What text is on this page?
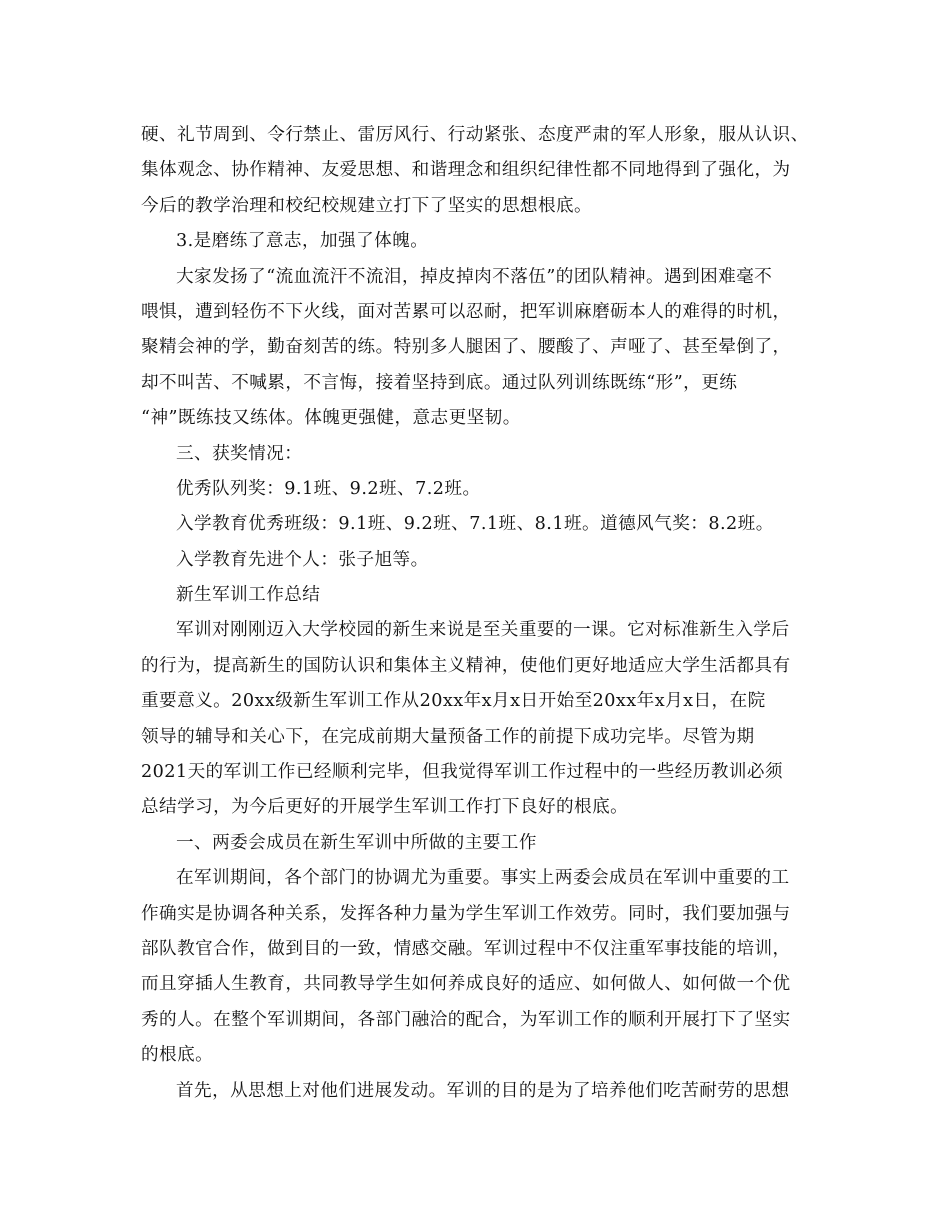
硬、礼节周到、令行禁止、雷厉风行、行动紧张、态度严肃的军人形象，服从认识、
集体观念、协作精神、友爱思想、和谐理念和组织纪律性都不同地得到了强化，为
今后的教学治理和校纪校规建立打下了坚实的思想根底。
3.是磨练了意志，加强了体魄。
大家发扬了“流血流汗不流泪，掉皮掉肉不落伍”的团队精神。遇到困难毫不
喂惧，遭到轻伤不下火线，面对苦累可以忍耐，把军训麻磨砺本人的难得的时机，
聚精会神的学，勤奋刻苦的练。特别多人腿困了、腰酸了、声哑了、甚至晕倒了，
却不叫苦、不喊累，不言悔，接着坚持到底。通过队列训练既练“形”，更练
“神”既练技又练体。体魄更强健，意志更坚韧。
三、获奖情况：
优秀队列奖：9.1班、9.2班、7.2班。
入学教育优秀班级：9.1班、9.2班、7.1班、8.1班。道德风气奖：8.2班。
入学教育先进个人：张子旭等。
新生军训工作总结
军训对刚刚迈入大学校园的新生来说是至关重要的一课。它对标准新生入学后
的行为，提高新生的国防认识和集体主义精神，使他们更好地适应大学生活都具有
重要意义。20xx级新生军训工作从20xx年x月x日开始至20xx年x月x日，在院
领导的辅导和关心下，在完成前期大量预备工作的前提下成功完毕。尽管为期
2021天的军训工作已经顺利完毕，但我觉得军训工作过程中的一些经历教训必须
总结学习，为今后更好的开展学生军训工作打下良好的根底。
一、两委会成员在新生军训中所做的主要工作
在军训期间，各个部门的协调尤为重要。事实上两委会成员在军训中重要的工
作确实是协调各种关系，发挥各种力量为学生军训工作效劳。同时，我们要加强与
部队教官合作，做到目的一致，情感交融。军训过程中不仅注重军事技能的培训，
而且穿插人生教育，共同教导学生如何养成良好的适应、如何做人、如何做一个优
秀的人。在整个军训期间，各部门融洽的配合，为军训工作的顺利开展打下了坚实
的根底。
首先，从思想上对他们进展发动。军训的目的是为了培养他们吃苦耐劳的思想
